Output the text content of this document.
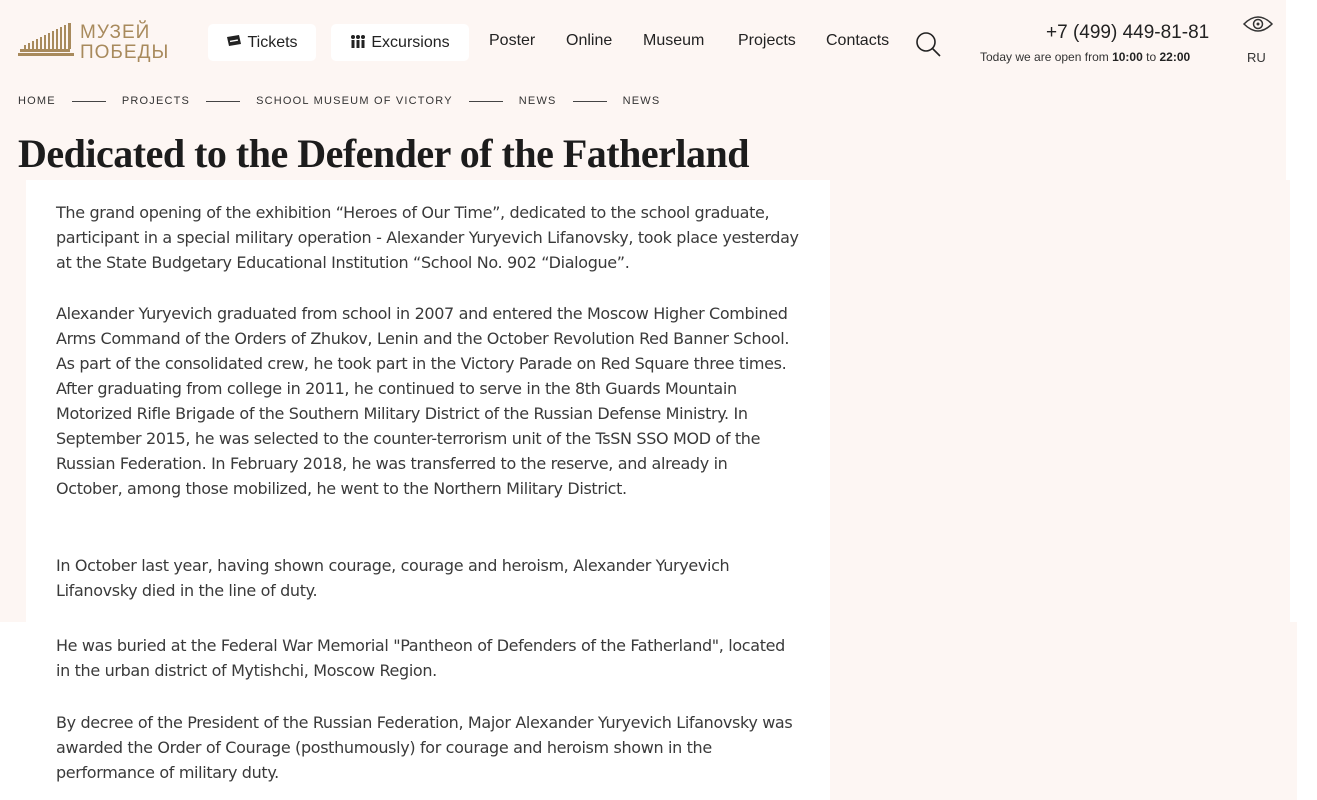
МУЗЕЙ
ПОБЕДЫ	Tickets	Excursions Poster Online Museum Projects Contacts	+7 (499) 449-81-81
Today we are open from 10:00 to 22:00	RU
HOME	PROJECTS	SCHOOL MUSEUM OF VICTORY	NEWS	NEWS
Dedicated to the Defender of the Fatherland

The grand opening of the exhibition “Heroes of Our Time”, dedicated to the school graduate, participant in a special military operation - Alexander Yuryevich Lifanovsky, took place yesterday at the State Budgetary Educational Institution “School No. 902 “Dialogue”.

Alexander Yuryevich graduated from school in 2007 and entered the Moscow Higher Combined Arms Command of the Orders of Zhukov, Lenin and the October Revolution Red Banner School. As part of the consolidated crew, he took part in the Victory Parade on Red Square three times. After graduating from college in 2011, he continued to serve in the 8th Guards Mountain Motorized Rifle Brigade of the Southern Military District of the Russian Defense Ministry. In September 2015, he was selected to the counter-terrorism unit of the TsSN SSO MOD of the Russian Federation. In February 2018, he was transferred to the reserve, and already in October, among those mobilized, he went to the Northern Military District.

In October last year, having shown courage, courage and heroism, Alexander Yuryevich Lifanovsky died in the line of duty.

He was buried at the Federal War Memorial "Pantheon of Defenders of the Fatherland", located in the urban district of Mytishchi, Moscow Region.

By decree of the President of the Russian Federation, Major Alexander Yuryevich Lifanovsky was awarded the Order of Courage (posthumously) for courage and heroism shown in the performance of military duty.
